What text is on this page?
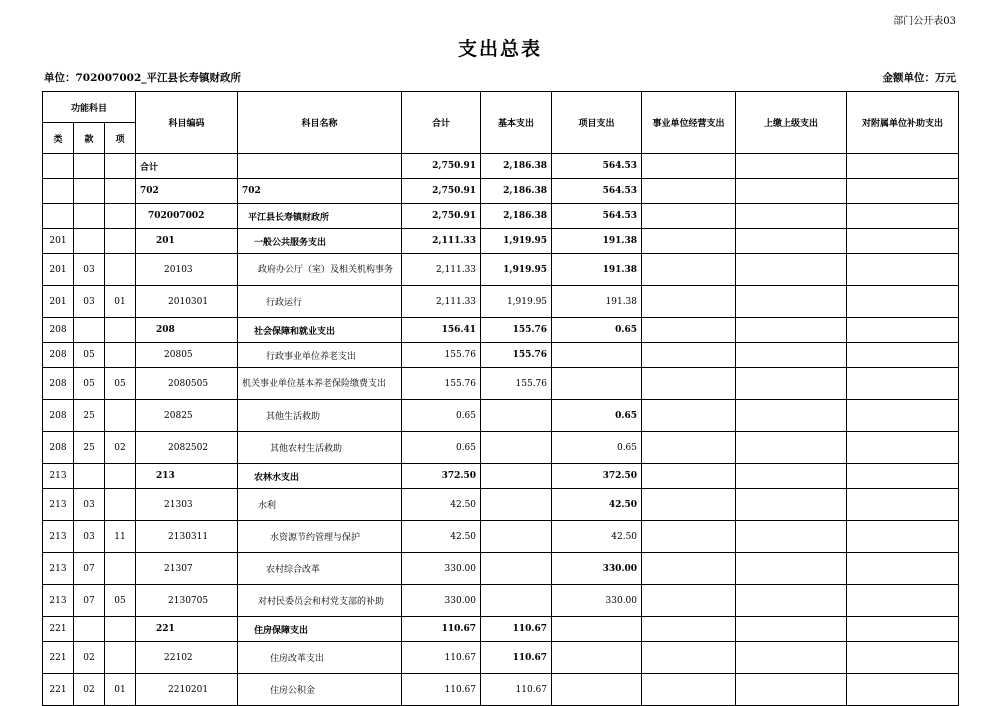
部门公开表03
支出总表
单位：702007002_平江县长寿镇财政所	金额单位：万元
功能科目			科目编码	科目名称	合计	基本支出	项目支出	事业单位经营支出	上缴上级支出	对附属单位补助支出
类	款	项								
			合计		2,750.91	2,186.38	564.53			
			702	702	2,750.91	2,186.38	564.53			
			702007002	平江县长寿镇财政所	2,750.91	2,186.38	564.53			
201			201	一般公共服务支出	2,111.33	1,919.95	191.38			
201	03		20103	政府办公厅（室）及相关机构事务	2,111.33	1,919.95	191.38			
201	03	01	2010301	行政运行	2,111.33	1,919.95	191.38			
208			208	社会保障和就业支出	156.41	155.76	0.65			
208	05		20805	行政事业单位养老支出	155.76	155.76				
208	05	05	2080505	机关事业单位基本养老保险缴费支出	155.76	155.76				
208	25		20825	其他生活救助	0.65		0.65			
208	25	02	2082502	其他农村生活救助	0.65		0.65			
213			213	农林水支出	372.50		372.50			
213	03		21303	水利	42.50		42.50			
213	03	11	2130311	水资源节约管理与保护	42.50		42.50			
213	07		21307	农村综合改革	330.00		330.00			
213	07	05	2130705	对村民委员会和村党支部的补助	330.00		330.00			
221			221	住房保障支出	110.67	110.67				
221	02		22102	住房改革支出	110.67	110.67				
221	02	01	2210201	住房公积金	110.67	110.67				
